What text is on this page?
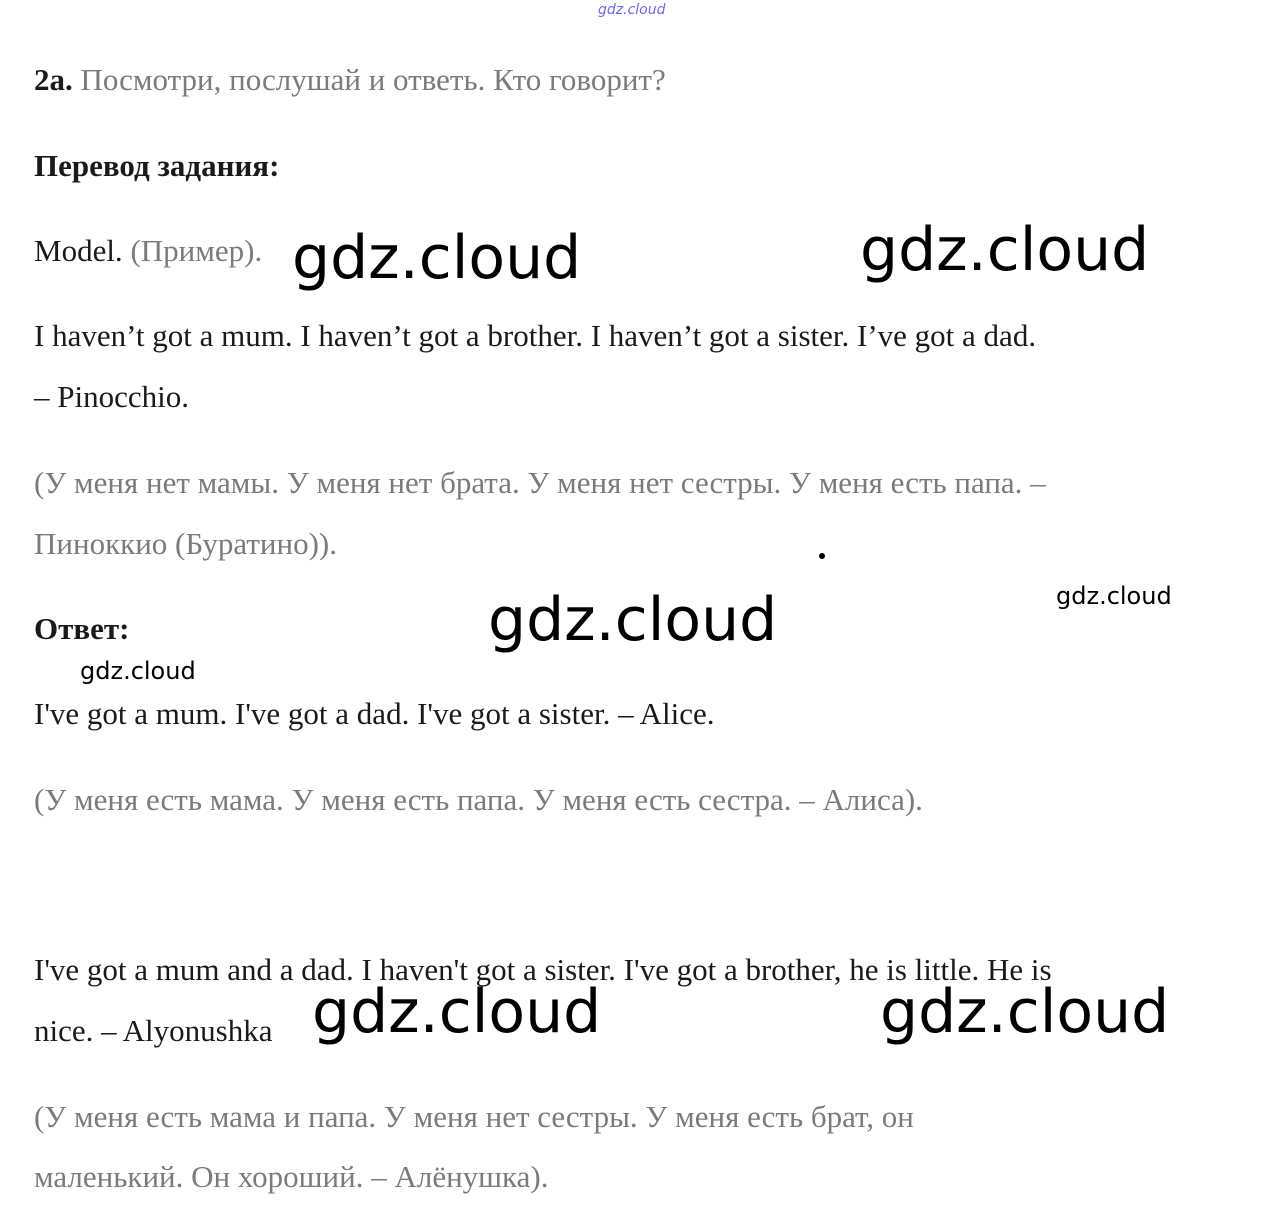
gdz.cloud
2a. Посмотри, послушай и ответь. Кто говорит?
Перевод задания:
Model. (Пример).
I haven’t got a mum. I haven’t got a brother. I haven’t got a sister. I’ve got a dad.
– Pinocchio.
(У меня нет мамы. У меня нет брата. У меня нет сестры. У меня есть папа. –
Пиноккио (Буратино)).
Ответ:
I've got a mum. I've got a dad. I've got a sister. – Alice.
(У меня есть мама. У меня есть папа. У меня есть сестра. – Алиса).
I've got a mum and a dad. I haven't got a sister. I've got a brother, he is little. He is
nice. – Alyonushka
(У меня есть мама и папа. У меня нет сестры. У меня есть брат, он
маленький. Он хороший. – Алёнушка).
gdz.cloud	gdz.cloud
gdz.cloud
gdz.cloud
gdz.cloud
gdz.cloud	gdz.cloud
